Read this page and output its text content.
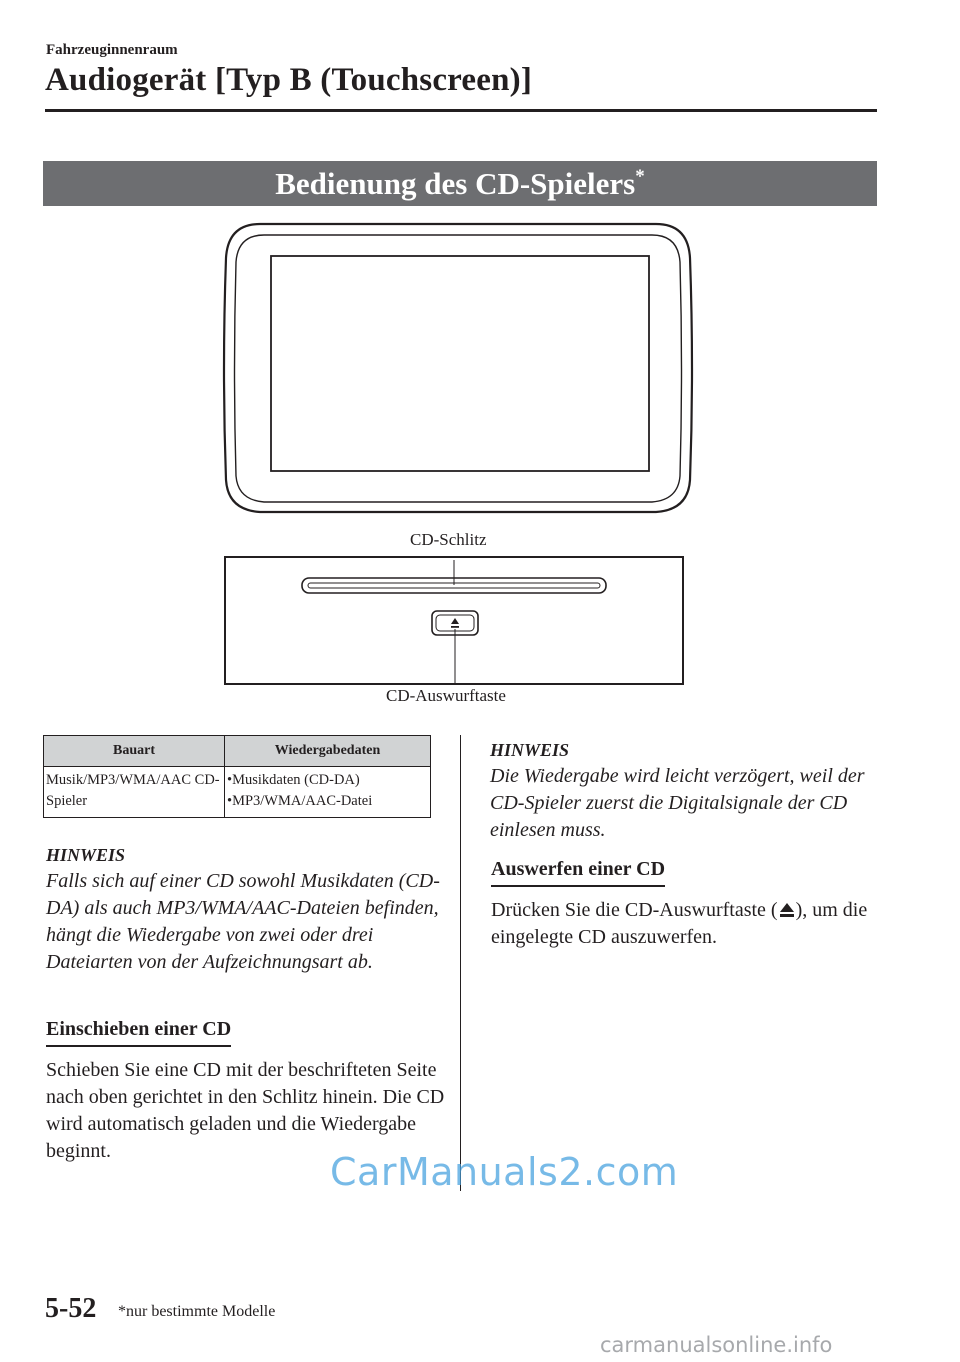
Fahrzeuginnenraum
Audiogerät [Typ B (Touchscreen)]
Bedienung des CD-Spielers*
CD-Schlitz
CD-Auswurftaste
Bauart	Wiedergabedaten
Musik/MP3/WMA/AAC CD-Spieler	•Musikdaten (CD-DA)
•MP3/WMA/AAC-Datei
HINWEIS
Falls sich auf einer CD sowohl Musikdaten (CD-DA) als auch MP3/WMA/AAC-Dateien befinden, hängt die Wiedergabe von zwei oder drei Dateiarten von der Aufzeichnungsart ab.
Einschieben einer CD
Schieben Sie eine CD mit der beschrifteten Seite nach oben gerichtet in den Schlitz hinein. Die CD wird automatisch geladen und die Wiedergabe beginnt.
HINWEIS
Die Wiedergabe wird leicht verzögert, weil der CD-Spieler zuerst die Digitalsignale der CD einlesen muss.
Auswerfen einer CD
Drücken Sie die CD-Auswurftaste ( ), um die eingelegte CD auszuwerfen.
5-52 *nur bestimmte Modelle
CarManuals2.com
carmanualsonline.info
